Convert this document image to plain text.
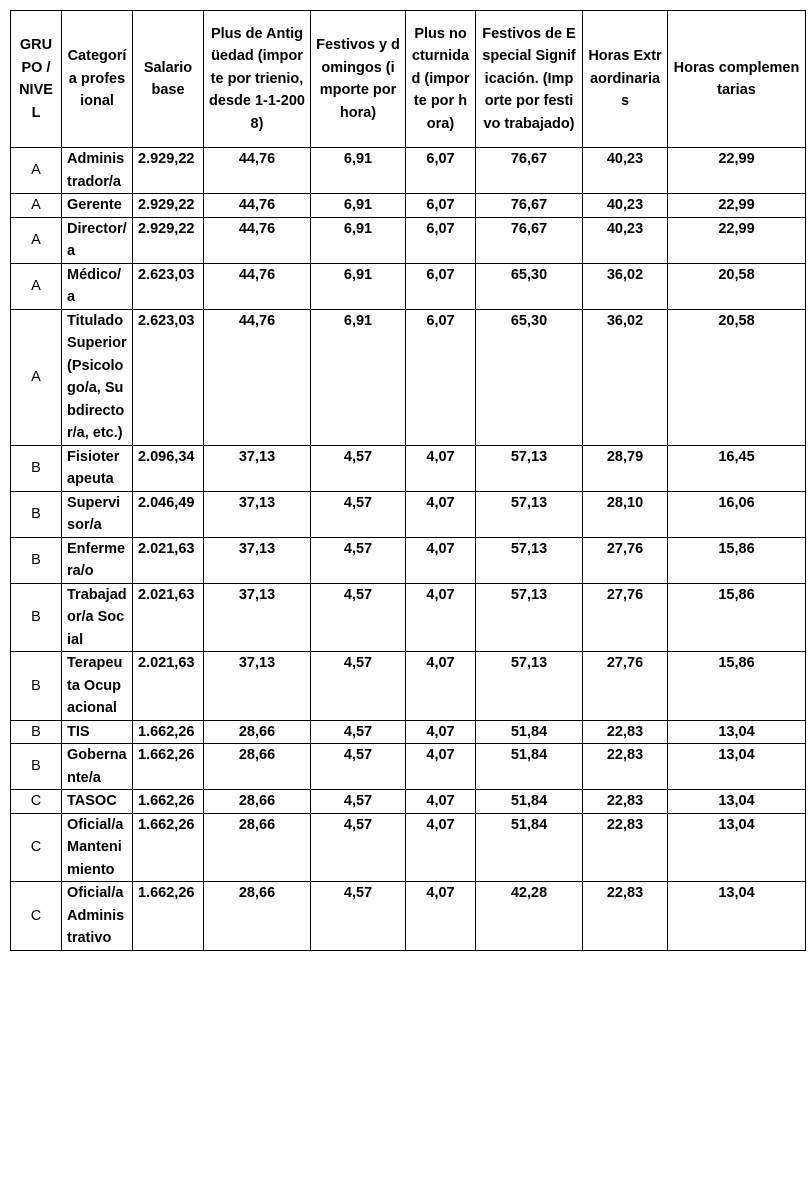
GRUPO / NIVEL	Categoría profesional	Salario base	Plus de Antigüedad (importe por trienio, desde 1-1-2008)	Festivos y domingos (importe por hora)	Plus nocturnidad (importe por hora)	Festivos de Especial Significación. (Importe por festivo trabajado)	Horas Extraordinarias	Horas complementarias
A	Administrador/a	2.929,22	44,76	6,91	6,07	76,67	40,23	22,99
A	Gerente	2.929,22	44,76	6,91	6,07	76,67	40,23	22,99
A	Director/a	2.929,22	44,76	6,91	6,07	76,67	40,23	22,99
A	Médico/a	2.623,03	44,76	6,91	6,07	65,30	36,02	20,58
A	Titulado Superior (Psicologo/a, Subdirector/a, etc.)	2.623,03	44,76	6,91	6,07	65,30	36,02	20,58
B	Fisioterapeuta	2.096,34	37,13	4,57	4,07	57,13	28,79	16,45
B	Supervisor/a	2.046,49	37,13	4,57	4,07	57,13	28,10	16,06
B	Enfermera/o	2.021,63	37,13	4,57	4,07	57,13	27,76	15,86
B	Trabajador/a Social	2.021,63	37,13	4,57	4,07	57,13	27,76	15,86
B	Terapeuta Ocupacional	2.021,63	37,13	4,57	4,07	57,13	27,76	15,86
B	TIS	1.662,26	28,66	4,57	4,07	51,84	22,83	13,04
B	Gobernante/a	1.662,26	28,66	4,57	4,07	51,84	22,83	13,04
C	TASOC	1.662,26	28,66	4,57	4,07	51,84	22,83	13,04
C	Oficial/a Mantenimiento	1.662,26	28,66	4,57	4,07	51,84	22,83	13,04
C	Oficial/a Administrativo	1.662,26	28,66	4,57	4,07	42,28	22,83	13,04
